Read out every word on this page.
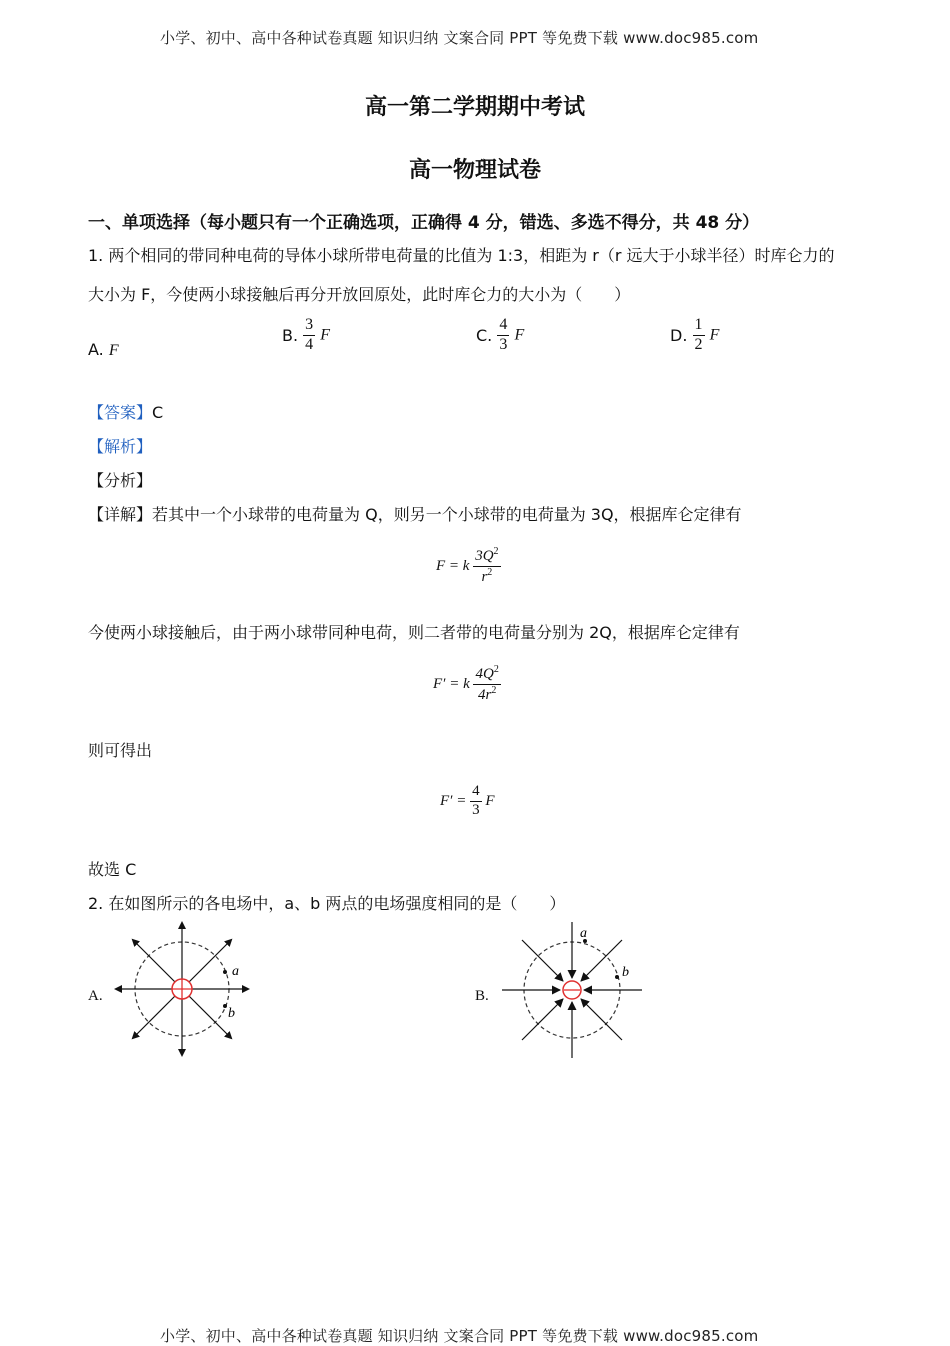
小学、初中、高中各种试卷真题 知识归纳 文案合同 PPT 等免费下载 www.doc985.com
高一第二学期期中考试
高一物理试卷
一、单项选择（每小题只有一个正确选项，正确得 4 分，错选、多选不得分，共 48 分）
1. 两个相同的带同种电荷的导体小球所带电荷量的比值为 1:3，相距为 r（r 远大于小球半径）时库仑力的
大小为 F，今使两小球接触后再分开放回原处，此时库仑力的大小为（　　）
A. F
B. $\frac{3}{4}$ F	C. $\frac{4}{3}$ F	D. $\frac{1}{2}$ F
【答案】C
【解析】
【分析】
【详解】若其中一个小球带的电荷量为 Q，则另一个小球带的电荷量为 3Q，根据库仑定律有
F = k $\frac{3Q^2}{r^2}$
今使两小球接触后，由于两小球带同种电荷，则二者带的电荷量分别为 2Q，根据库仑定律有
F′ = k $\frac{4Q^2}{4r^2}$
则可得出
$F' = \frac{4}{3}$ F
故选 C
2. 在如图所示的各电场中，a、b 两点的电场强度相同的是（　　）
A.
a
b
B.
a
b
小学、初中、高中各种试卷真题 知识归纳 文案合同 PPT 等免费下载 www.doc985.com
